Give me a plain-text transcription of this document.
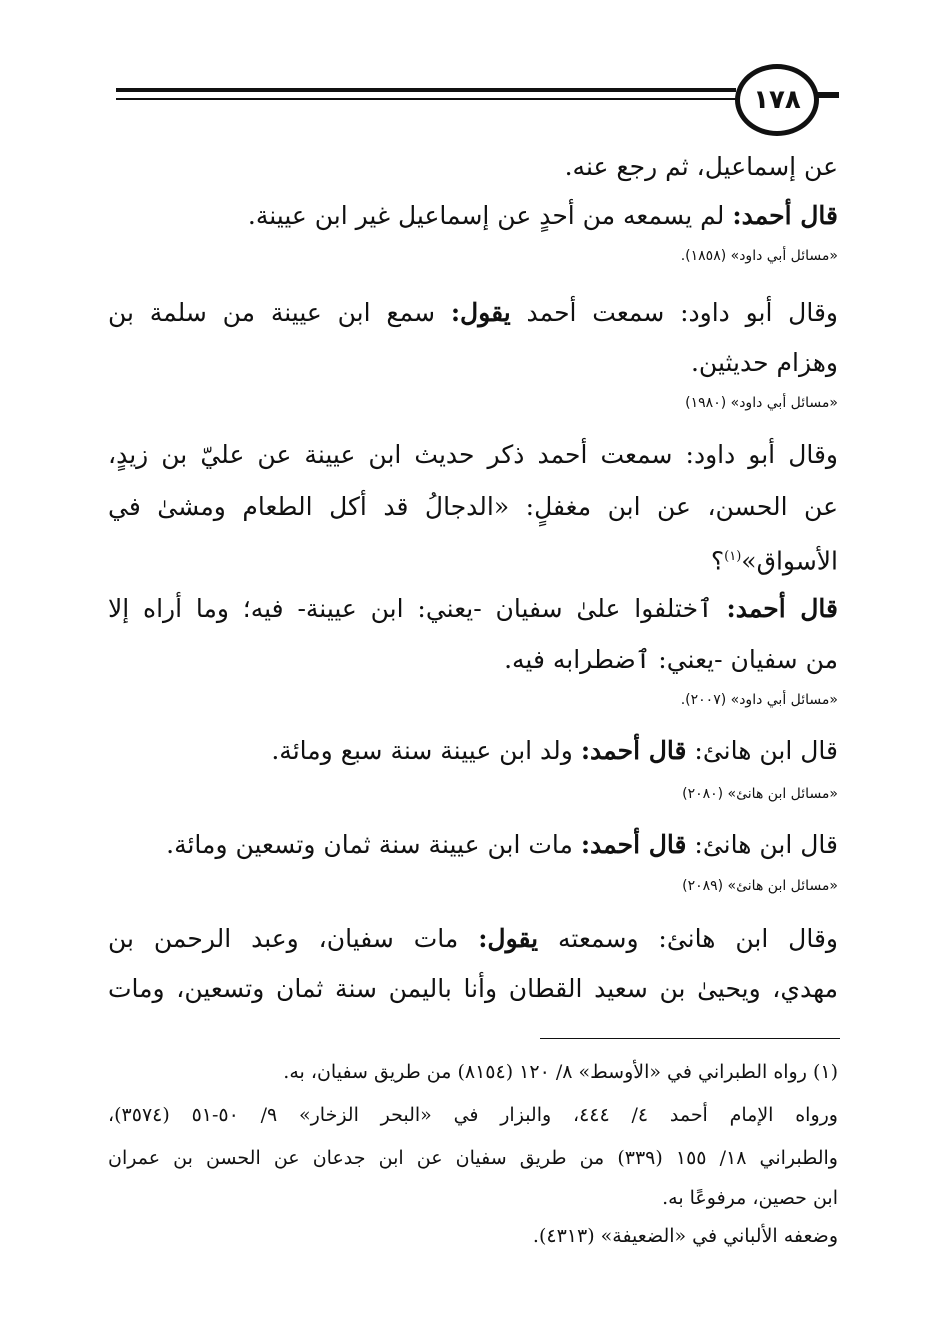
١٧٨
عن إسماعيل، ثم رجع عنه.
قال أحمد: لم يسمعه من أحدٍ عن إسماعيل غير ابن عيينة.
«مسائل أبي داود» (١٨٥٨).
وقال أبو داود: سمعت أحمد يقول: سمع ابن عيينة من سلمة بن
وهزام حديثين.
«مسائل أبي داود» (١٩٨٠)
وقال أبو داود: سمعت أحمد ذكر حديث ابن عيينة عن عليّ بن زيدٍ،
عن الحسن، عن ابن مغفلٍ: «الدجالُ قد أكل الطعام ومشىٰ في
الأسواق»$^{(١)}$؟
قال أحمد: ٱختلفوا علىٰ سفيان -يعني: ابن عيينة- فيه؛ وما أراه إلا
من سفيان -يعني: ٱضطرابه فيه.
«مسائل أبي داود» (٢٠٠٧).
قال ابن هانئ: قال أحمد: ولد ابن عيينة سنة سبع ومائة.
«مسائل ابن هانئ» (٢٠٨٠)
قال ابن هانئ: قال أحمد: مات ابن عيينة سنة ثمان وتسعين ومائة.
«مسائل ابن هانئ» (٢٠٨٩)
وقال ابن هانئ: وسمعته يقول: مات سفيان، وعبد الرحمن بن
مهدي، ويحيىٰ بن سعيد القطان وأنا باليمن سنة ثمان وتسعين، ومات
(١) رواه الطبراني في «الأوسط» ٨/ ١٢٠ (٨١٥٤) من طريق سفيان، به.
ورواه الإمام أحمد ٤/ ٤٤٤، والبزار في «البحر الزخار» ٩/ ٥٠-٥١ (٣٥٧٤)،
والطبراني ١٨/ ١٥٥ (٣٣٩) من طريق سفيان عن ابن جدعان عن الحسن بن عمران
ابن حصين، مرفوعًا به.
وضعفه الألباني في «الضعيفة» (٤٣١٣).
